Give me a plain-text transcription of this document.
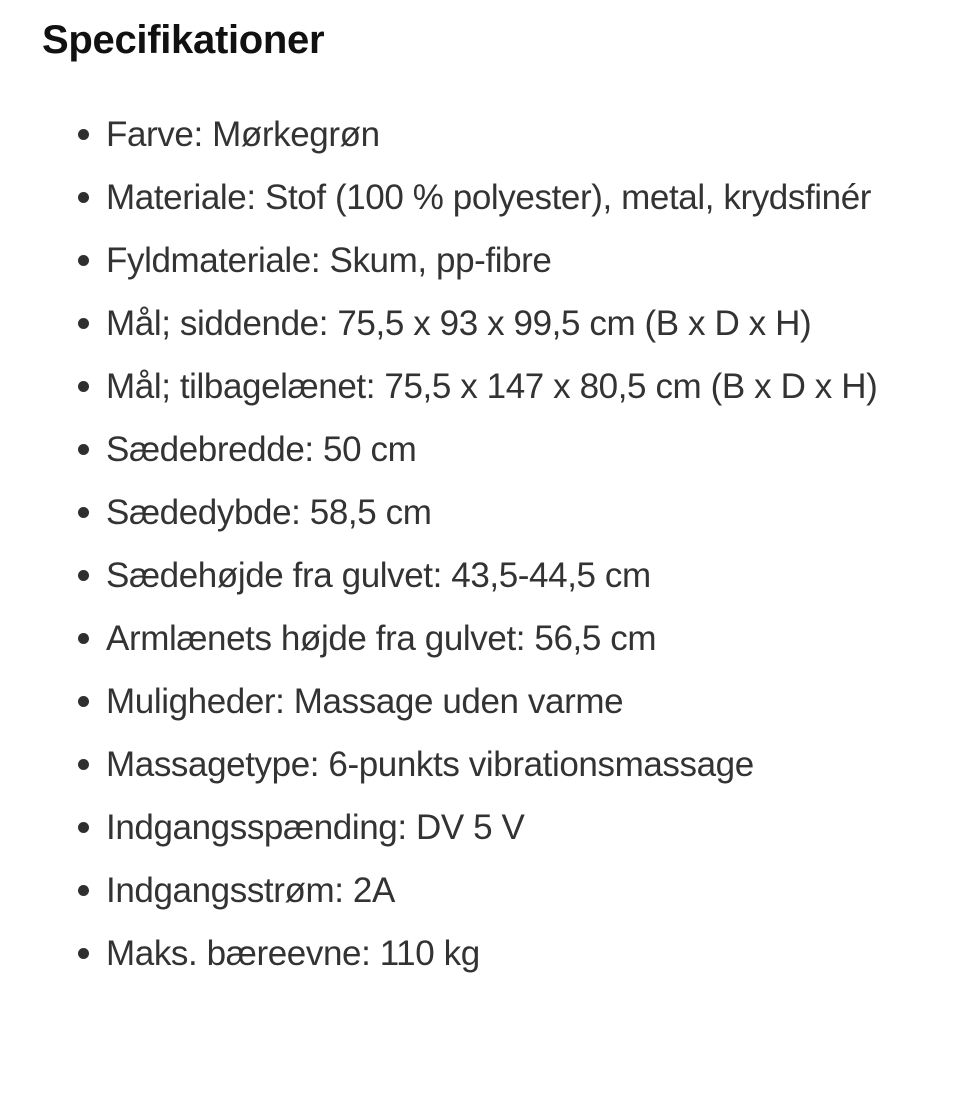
Specifikationer
Farve: Mørkegrøn
Materiale: Stof (100 % polyester), metal, krydsfinér
Fyldmateriale: Skum, pp-fibre
Mål; siddende: 75,5 x 93 x 99,5 cm (B x D x H)
Mål; tilbagelænet: 75,5 x 147 x 80,5 cm (B x D x H)
Sædebredde: 50 cm
Sædedybde: 58,5 cm
Sædehøjde fra gulvet: 43,5-44,5 cm
Armlænets højde fra gulvet: 56,5 cm
Muligheder: Massage uden varme
Massagetype: 6-punkts vibrationsmassage
Indgangsspænding: DV 5 V
Indgangsstrøm: 2A
Maks. bæreevne: 110 kg
